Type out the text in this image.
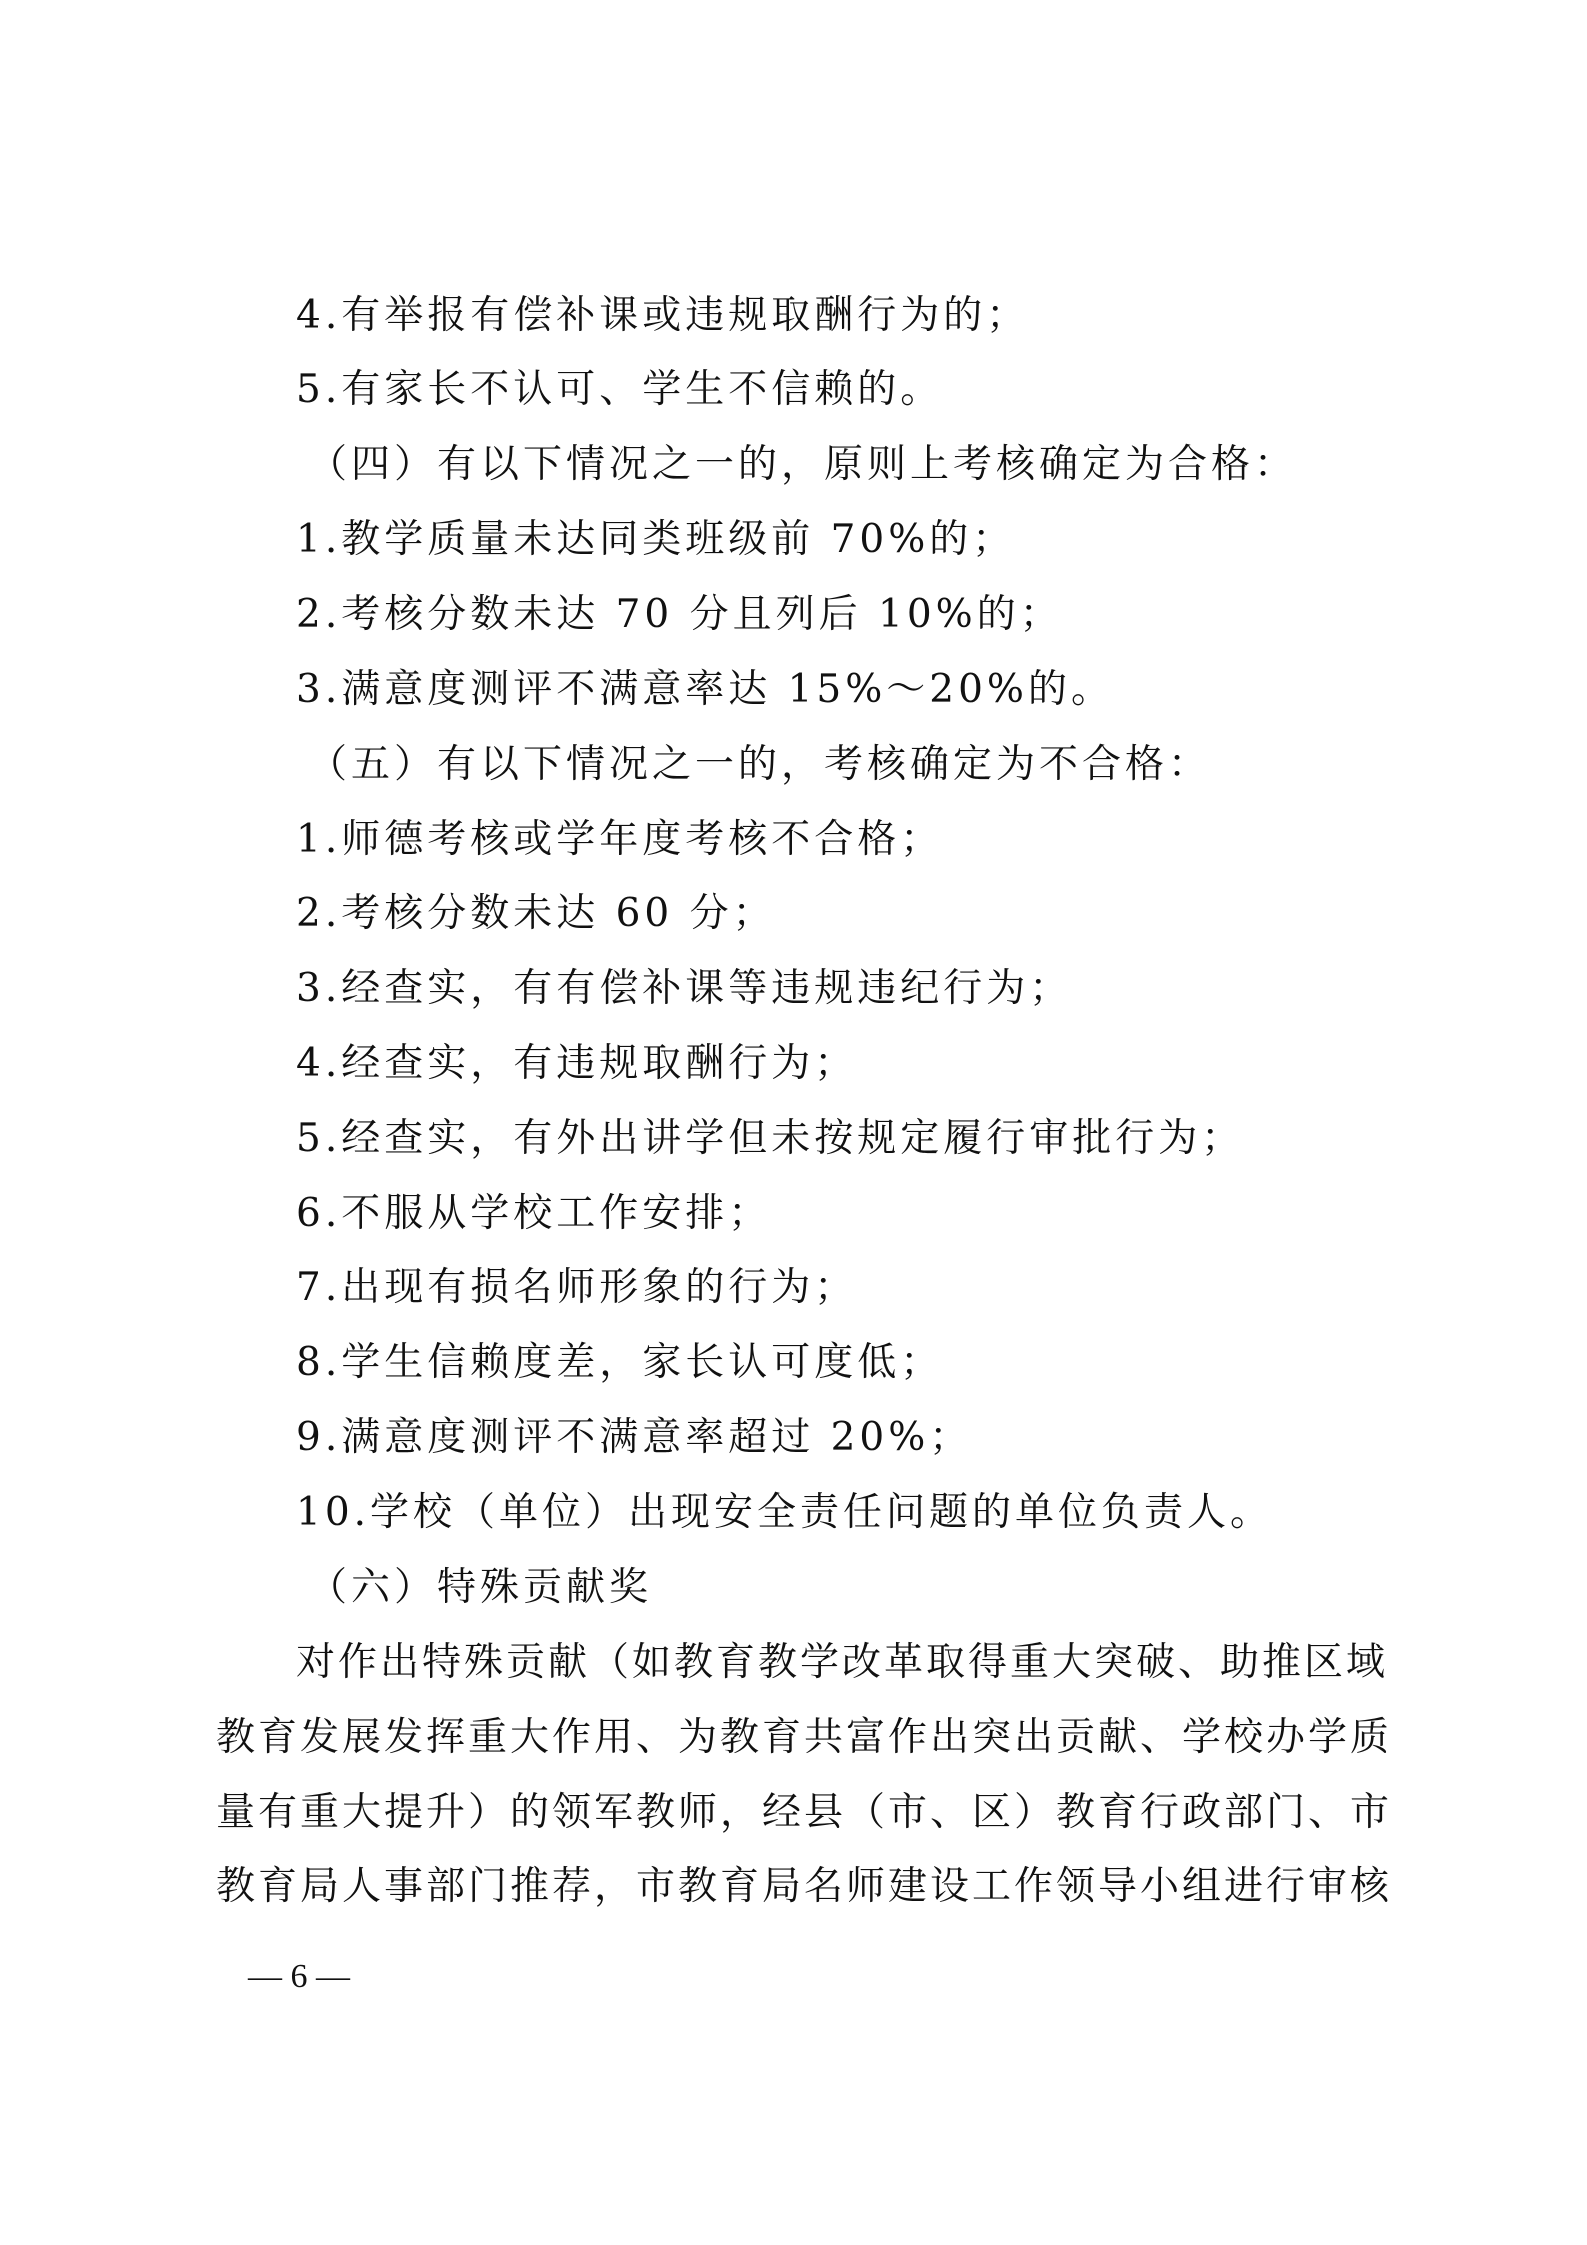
4.有举报有偿补课或违规取酬行为的；
5.有家长不认可、学生不信赖的。
（四）有以下情况之一的，原则上考核确定为合格：
1.教学质量未达同类班级前 70%的；
2.考核分数未达 70 分且列后 10%的；
3.满意度测评不满意率达 15%～20%的。
（五）有以下情况之一的，考核确定为不合格：
1.师德考核或学年度考核不合格；
2.考核分数未达 60 分；
3.经查实，有有偿补课等违规违纪行为；
4.经查实，有违规取酬行为；
5.经查实，有外出讲学但未按规定履行审批行为；
6.不服从学校工作安排；
7.出现有损名师形象的行为；
8.学生信赖度差，家长认可度低；
9.满意度测评不满意率超过 20%；
10.学校（单位）出现安全责任问题的单位负责人。
（六）特殊贡献奖
对作出特殊贡献（如教育教学改革取得重大突破、助推区域
教育发展发挥重大作用、为教育共富作出突出贡献、学校办学质
量有重大提升）的领军教师，经县（市、区）教育行政部门、市
教育局人事部门推荐，市教育局名师建设工作领导小组进行审核
— 6 —
